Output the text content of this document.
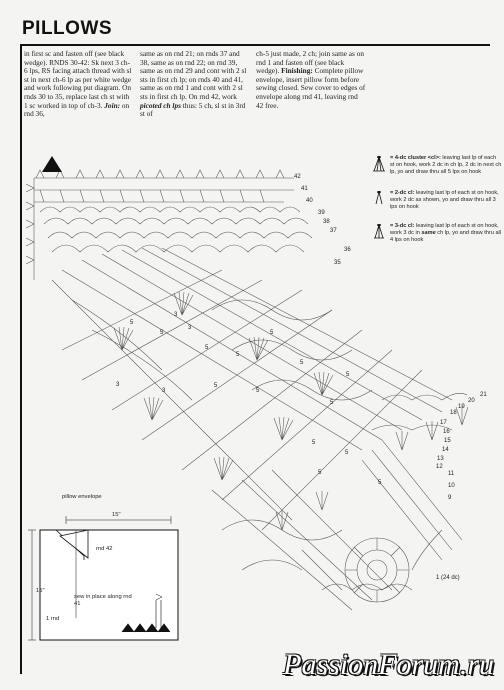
PILLOWS

in first sc and fasten off (see black wedge). RNDS 30-42: Sk next 3 ch-6 lps, RS facing attach thread with sl st in next ch-6 lp as per white wedge and work following put diagram. On rnds 30 to 35, replace last ch st with 1 sc worked in top of ch-3. Join: on rnd 36,

same as on rnd 21; on rnds 37 and 38, same as on rnd 22; on rnd 39, same as on rnd 29 and cont with 2 sl sts in first ch lp; on rnds 40 and 41, same as on rnd 1 and cont with 2 sl sts in first ch lp. On rnd 42, work picoted ch lps thus: 5 ch, sl st in 3rd st of

ch-5 just made, 2 ch; join same as on rnd 1 and fasten off (see black wedge). Finishing: Complete pillow envelope, insert pillow form before sewing closed. Sew cover to edges of envelope along rnd 41, leaving rnd 42 free.

= 4-dc cluster <cl>: leaving last lp of each st on hook, work 2 dc in ch lp, 2 dc in next ch lp, yo and draw thru all 5 lps on hook
= 2-dc cl: leaving last lp of each st on hook, work 2 dc as shown, yo and draw thru all 3 lps on hook
= 3-dc cl: leaving last lp of each st on hook, work 3 dc in same ch lp, yo and draw thru all 4 lps on hook
42
41
40
39
38
37
36
35
21
20
19
18
17
16
15
14
13
12
11
10
9
1 (24 dc)
3
3
5
5
5
5
5
5
5
5
5
5
3
3
5
5
5
5
pillow envelope
15"
15"
rnd 42
sew in place along rnd 41
1 rnd
PassionForum.ru
